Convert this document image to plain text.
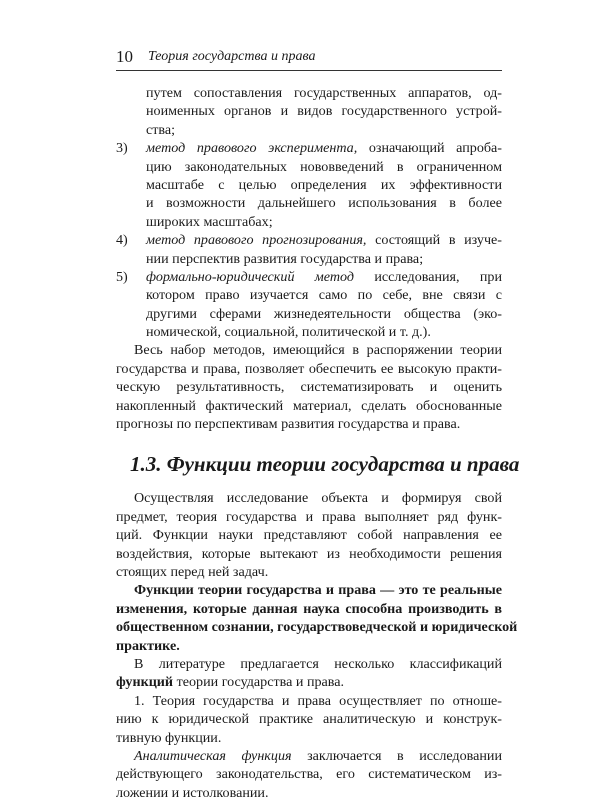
10 Теория государства и права
путем сопоставления государственных аппаратов, од-
ноименных органов и видов государственного устрой-
ства;
3) метод правового эксперимента, означающий апроба-
цию законодательных нововведений в ограниченном
масштабе с целью определения их эффективности
и возможности дальнейшего использования в более
широких масштабах;
4) метод правового прогнозирования, состоящий в изуче-
нии перспектив развития государства и права;
5) формально-юридический метод исследования, при
котором право изучается само по себе, вне связи с
другими сферами жизнедеятельности общества (эко-
номической, социальной, политической и т. д.).
Весь набор методов, имеющийся в распоряжении теории
государства и права, позволяет обеспечить ее высокую практи-
ческую результативность, систематизировать и оценить
накопленный фактический материал, сделать обоснованные
прогнозы по перспективам развития государства и права.
1.3. Функции теории государства и права
Осуществляя исследование объекта и формируя свой
предмет, теория государства и права выполняет ряд функ-
ций. Функции науки представляют собой направления ее
воздействия, которые вытекают из необходимости решения
стоящих перед ней задач.
Функции теории государства и права — это те реальные
изменения, которые данная наука способна производить в
общественном сознании, государствоведческой и юридической
практике.
В литературе предлагается несколько классификаций
функций теории государства и права.
1. Теория государства и права осуществляет по отноше-
нию к юридической практике аналитическую и конструк-
тивную функции.
Аналитическая функция заключается в исследовании
действующего законодательства, его систематическом из-
ложении и истолковании.
